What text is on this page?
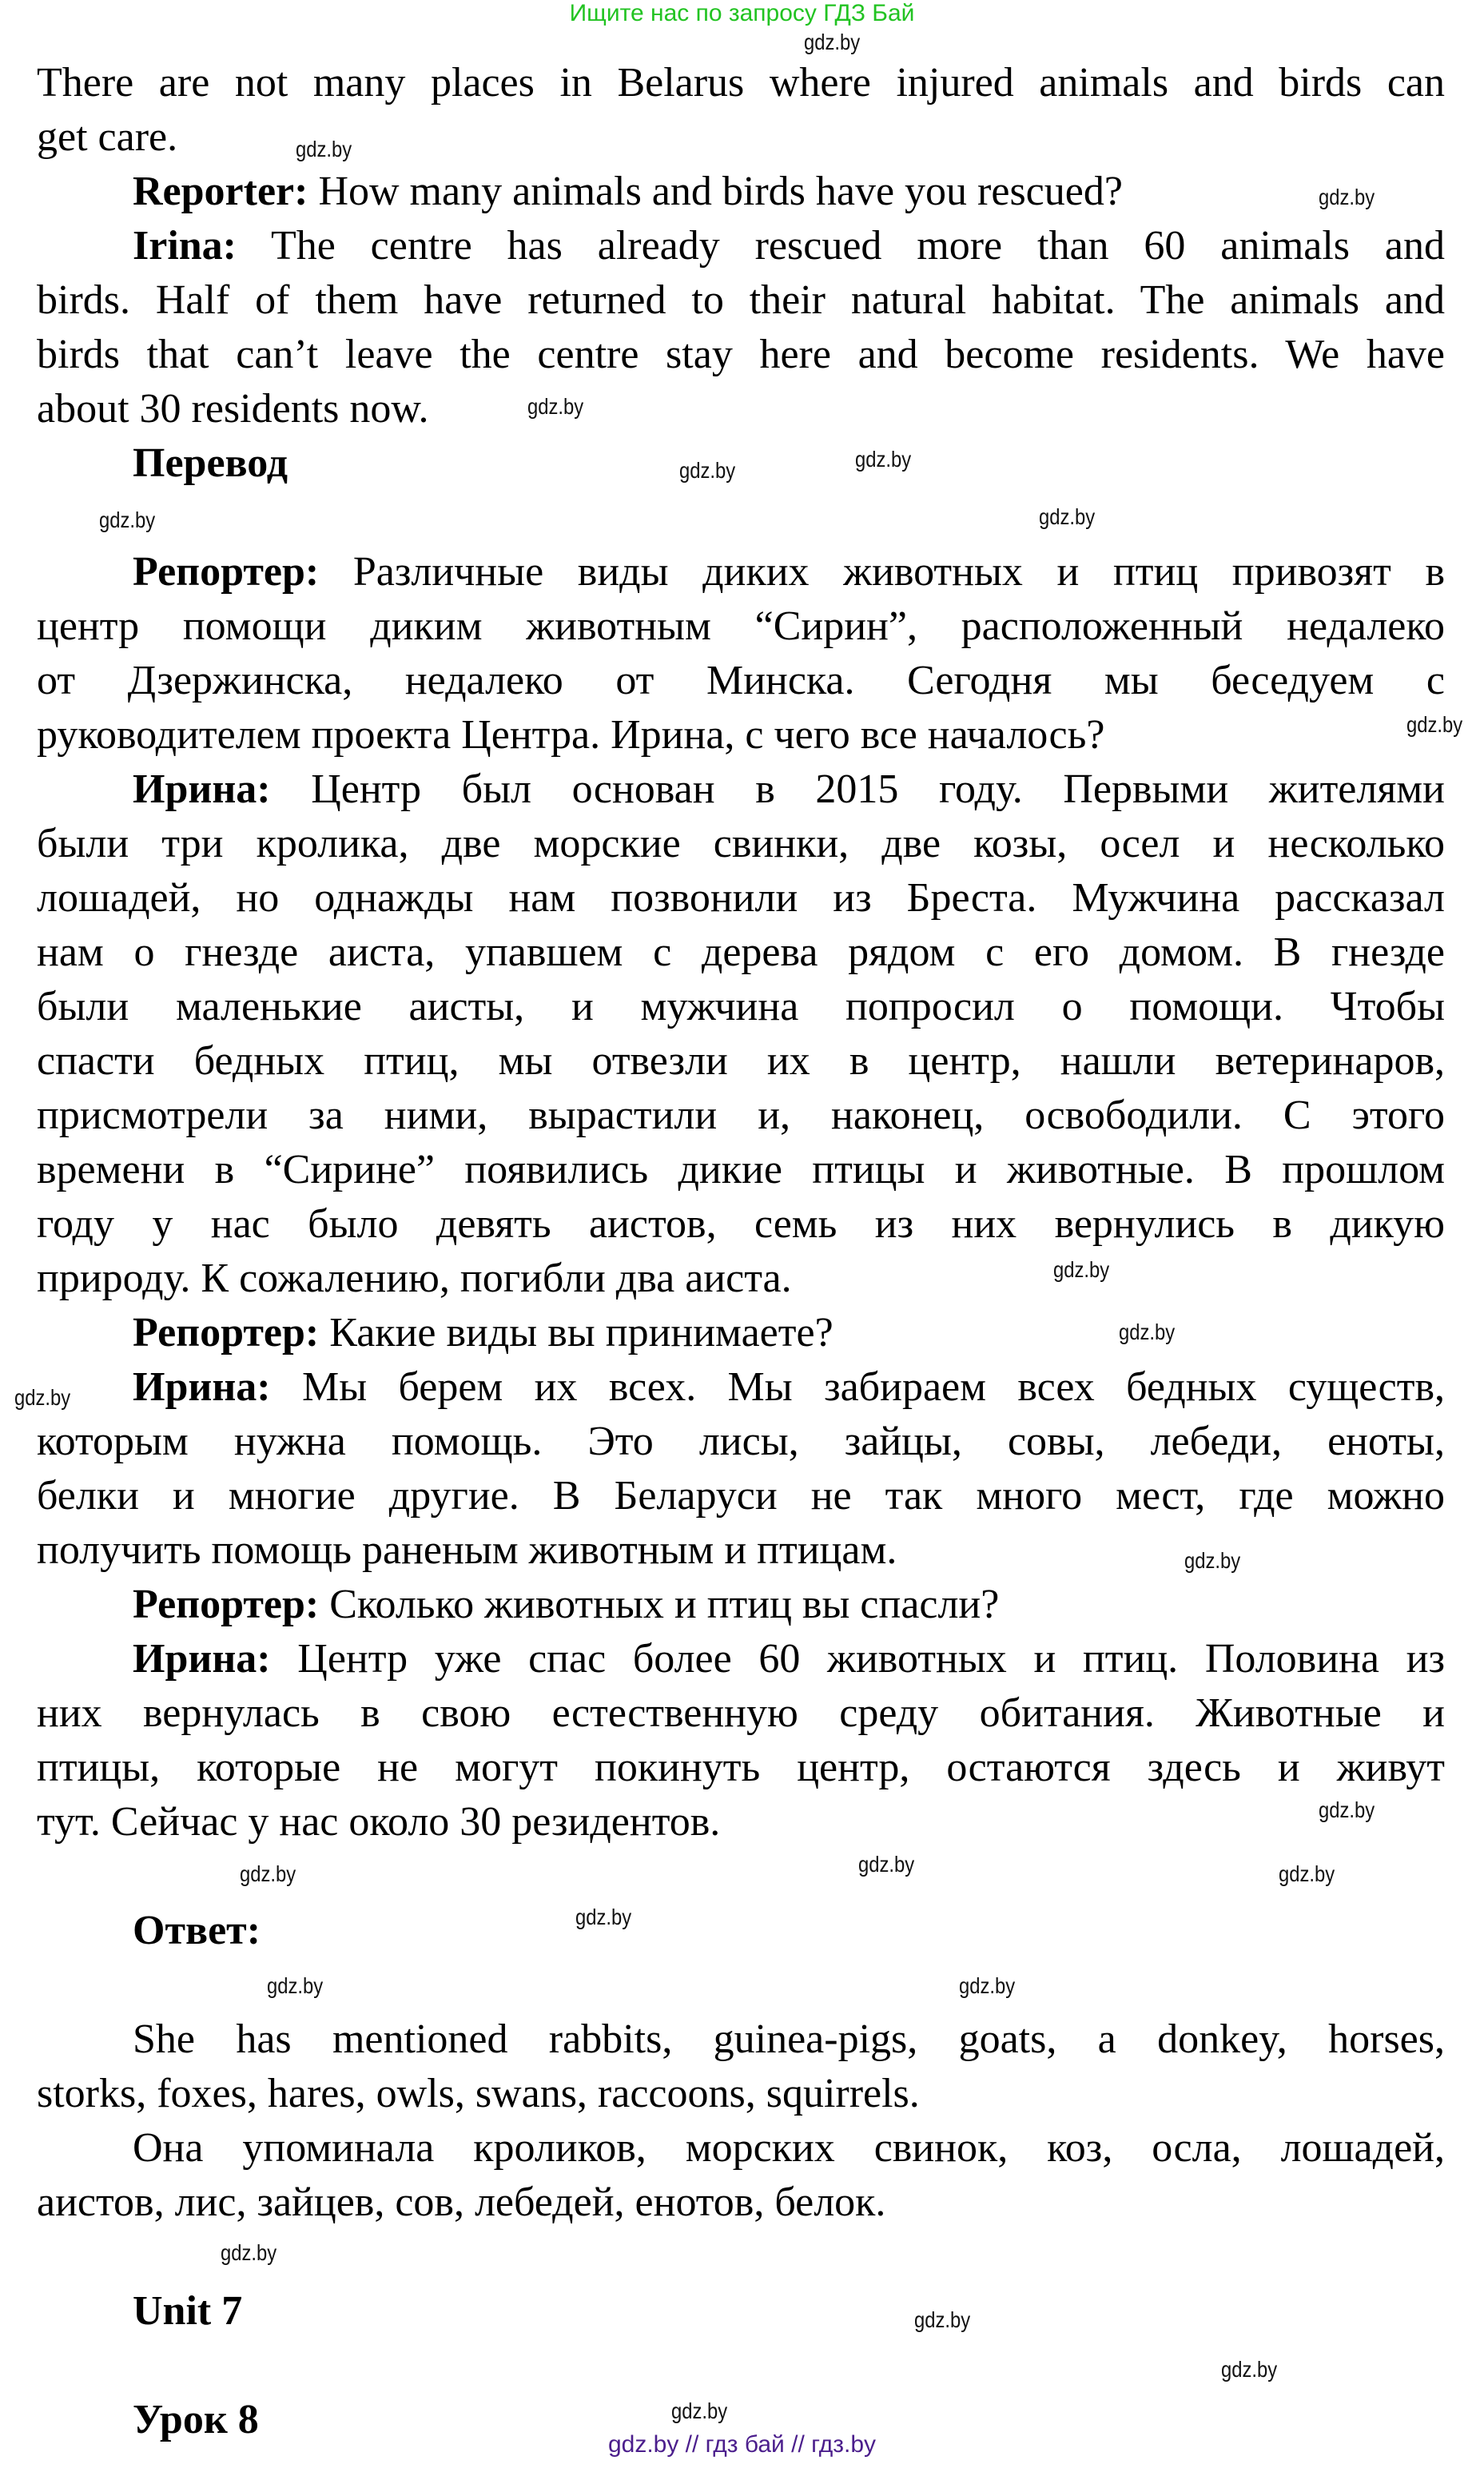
Ищите нас по запросу ГДЗ Бай
There are not many places in Belarus where injured animals and birds can
get care.
Reporter: How many animals and birds have you rescued?
Irina: The centre has already rescued more than 60 animals and
birds. Half of them have returned to their natural habitat. The animals and
birds that can’t leave the centre stay here and become residents. We have
about 30 residents now.
Перевод
Репортер: Различные виды диких животных и птиц привозят в
центр помощи диким животным “Сирин”, расположенный недалеко
от Дзержинска, недалеко от Минска. Сегодня мы беседуем с
руководителем проекта Центра. Ирина, с чего все началось?
Ирина: Центр был основан в 2015 году. Первыми жителями
были три кролика, две морские свинки, две козы, осел и несколько
лошадей, но однажды нам позвонили из Бреста. Мужчина рассказал
нам о гнезде аиста, упавшем с дерева рядом с его домом. В гнезде
были маленькие аисты, и мужчина попросил о помощи. Чтобы
спасти бедных птиц, мы отвезли их в центр, нашли ветеринаров,
присмотрели за ними, вырастили и, наконец, освободили. С этого
времени в “Сирине” появились дикие птицы и животные. В прошлом
году у нас было девять аистов, семь из них вернулись в дикую
природу. К сожалению, погибли два аиста.
Репортер: Какие виды вы принимаете?
Ирина: Мы берем их всех. Мы забираем всех бедных существ,
которым нужна помощь. Это лисы, зайцы, совы, лебеди, еноты,
белки и многие другие. В Беларуси не так много мест, где можно
получить помощь раненым животным и птицам.
Репортер: Сколько животных и птиц вы спасли?
Ирина: Центр уже спас более 60 животных и птиц. Половина из
них вернулась в свою естественную среду обитания. Животные и
птицы, которые не могут покинуть центр, остаются здесь и живут
тут. Сейчас у нас около 30 резидентов.
Ответ:
She has mentioned rabbits, guinea-pigs, goats, a donkey, horses,
storks, foxes, hares, owls, swans, raccoons, squirrels.
Она упоминала кроликов, морских свинок, коз, осла, лошадей,
аистов, лис, зайцев, сов, лебедей, енотов, белок.
Unit 7
Урок 8
gdz.by
gdz.by
gdz.by
gdz.by
gdz.by
gdz.by
gdz.by
gdz.by
gdz.by
gdz.by	gdz.by
gdz.by
gdz.by
gdz.by
gdz.by
gdz.by
gdz.by
gdz.by
gdz.by
gdz.by
gdz.by
gdz.by
gdz.by
gdz.by
gdz.by // гдз бай // гдз.by
